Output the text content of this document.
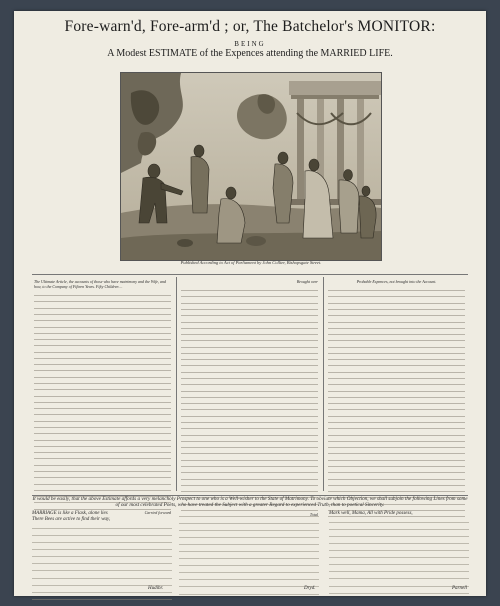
Fore-warn'd, Fore-arm'd ; or, The Batchelor's MONITOR:
BEING
A Modest ESTIMATE of the Expences attending the MARRIED LIFE.
Published According to Act of Parliament by John Collier, Bishopsgate Street.

The Ultimate Article, the accounts of those who have matrimony and the Wife, and how, to the Company of Fifteen Years. Fifty Children ...

Carried forward

Brought over

Total

Probable Expences, not brought into the Account.

It would be easily, that the above Estimate affords a very melancholy Prospect to one who is a Well-wisher to the State of Matrimony. To obviate which Objection, we shall subjoin the following Lines from some of our most celebrated Poets, who have treated the Subject with a greater Regard to experienced Truth, than to poetical Sincerity.
MARRIAGE is like a Flask, alone lies
There Bees are active to find their way,
Hudibr.	Dryd.
Mark well, Mama, All with Pride possess,
Parnell
